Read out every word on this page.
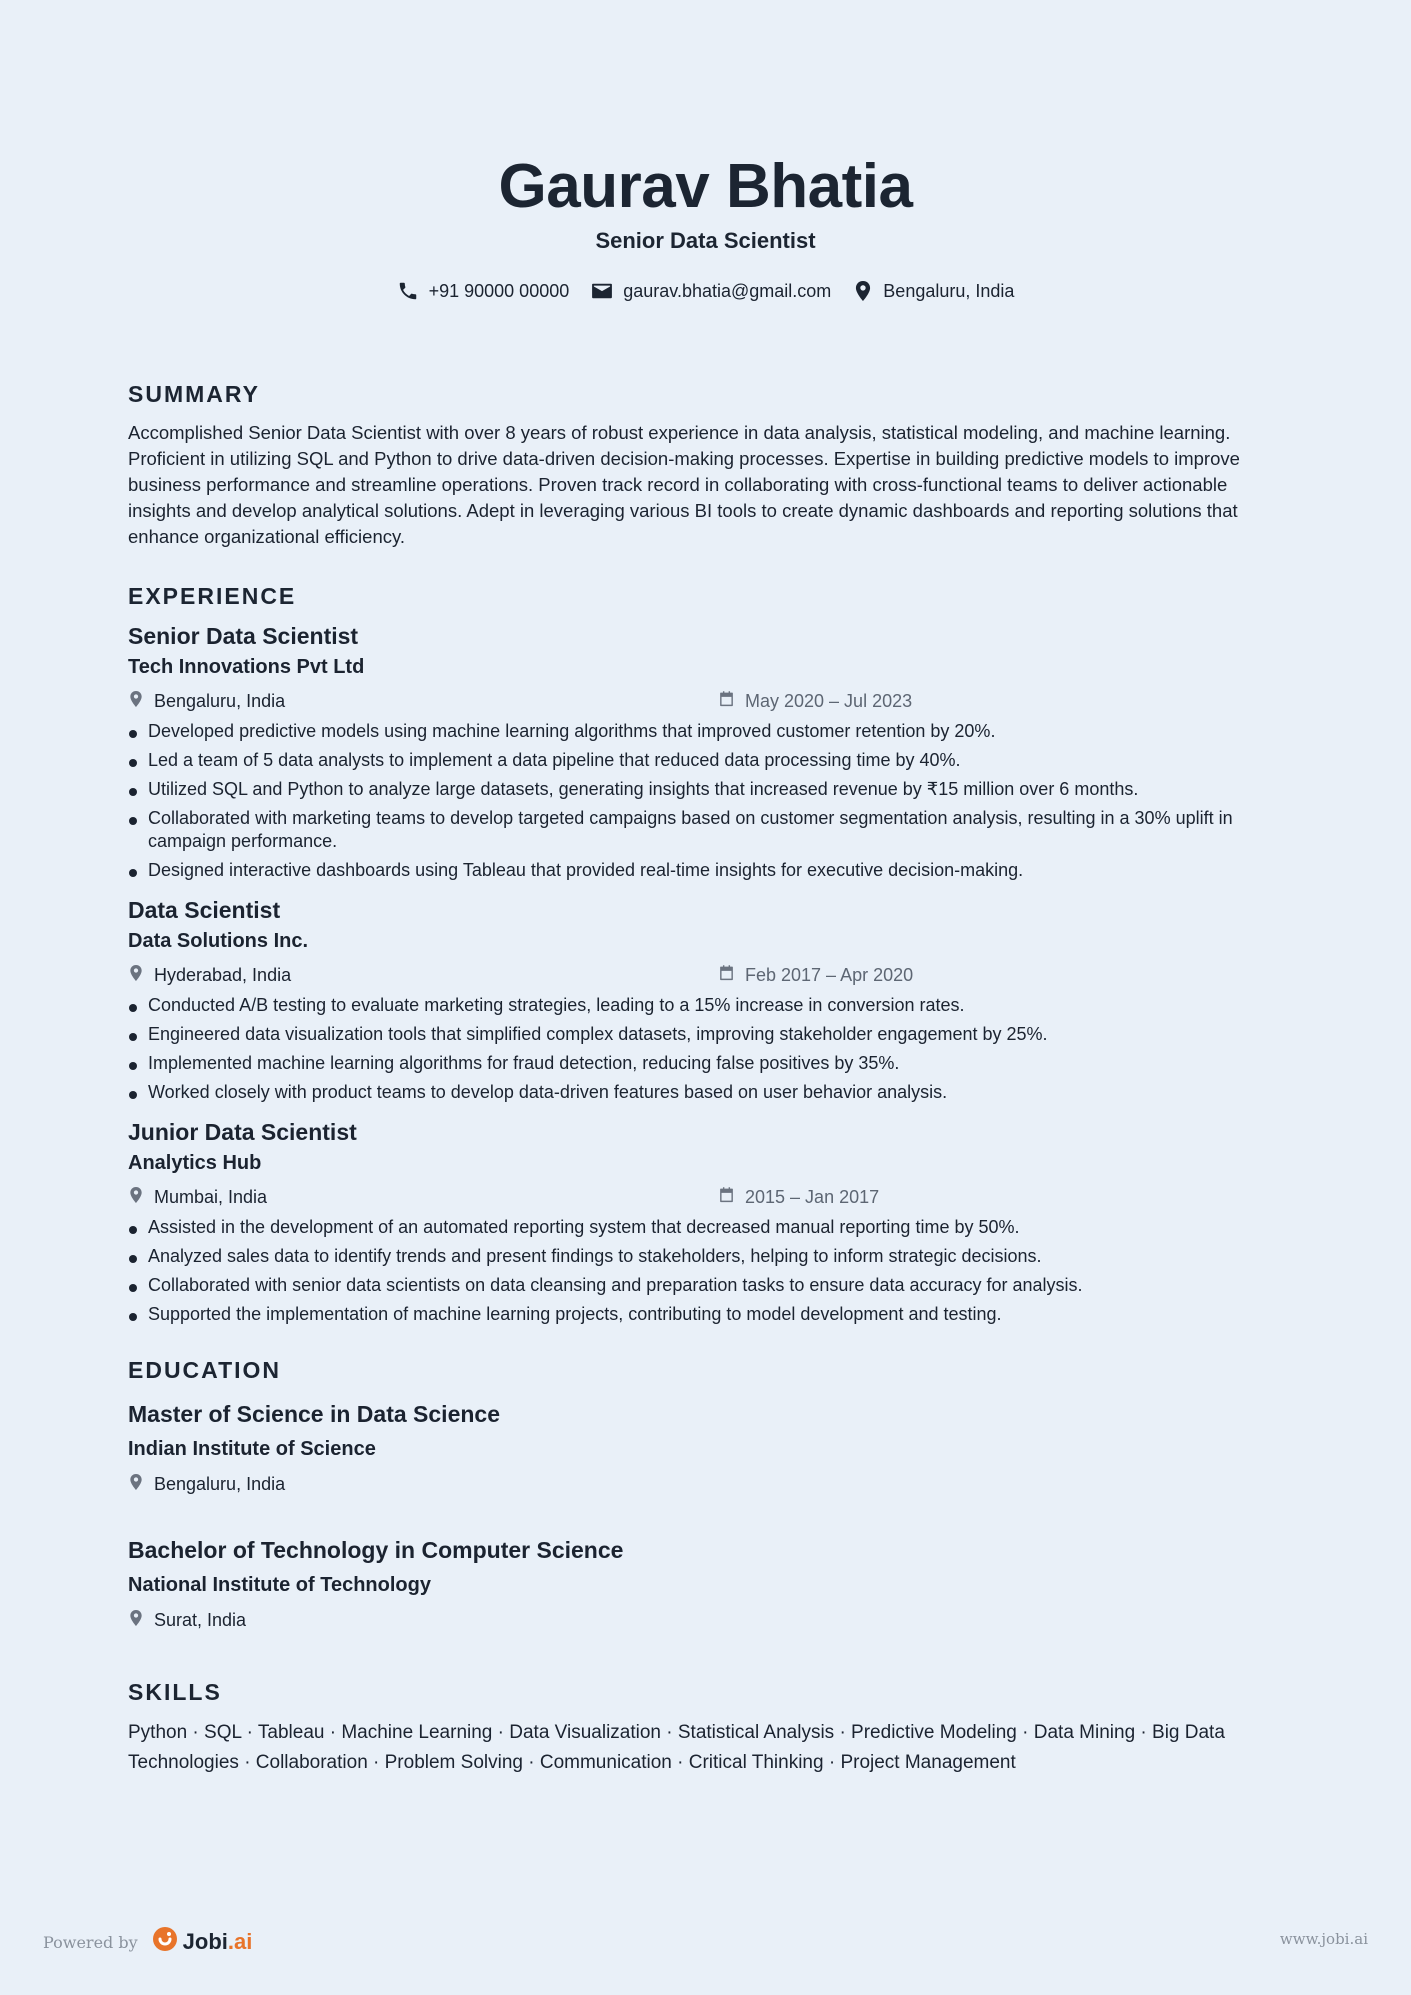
Gaurav Bhatia
Senior Data Scientist
+91 90000 00000	gaurav.bhatia@gmail.com	Bengaluru, India
SUMMARY
Accomplished Senior Data Scientist with over 8 years of robust experience in data analysis, statistical modeling, and machine learning. Proficient in utilizing SQL and Python to drive data-driven decision-making processes. Expertise in building predictive models to improve business performance and streamline operations. Proven track record in collaborating with cross-functional teams to deliver actionable insights and develop analytical solutions. Adept in leveraging various BI tools to create dynamic dashboards and reporting solutions that enhance organizational efficiency.
EXPERIENCE
Senior Data Scientist
Tech Innovations Pvt Ltd
Bengaluru, India	May 2020 – Jul 2023
Developed predictive models using machine learning algorithms that improved customer retention by 20%.
Led a team of 5 data analysts to implement a data pipeline that reduced data processing time by 40%.
Utilized SQL and Python to analyze large datasets, generating insights that increased revenue by ₹15 million over 6 months.
Collaborated with marketing teams to develop targeted campaigns based on customer segmentation analysis, resulting in a 30% uplift in campaign performance.
Designed interactive dashboards using Tableau that provided real-time insights for executive decision-making.
Data Scientist
Data Solutions Inc.
Hyderabad, India	Feb 2017 – Apr 2020
Conducted A/B testing to evaluate marketing strategies, leading to a 15% increase in conversion rates.
Engineered data visualization tools that simplified complex datasets, improving stakeholder engagement by 25%.
Implemented machine learning algorithms for fraud detection, reducing false positives by 35%.
Worked closely with product teams to develop data-driven features based on user behavior analysis.
Junior Data Scientist
Analytics Hub
Mumbai, India	2015 – Jan 2017
Assisted in the development of an automated reporting system that decreased manual reporting time by 50%.
Analyzed sales data to identify trends and present findings to stakeholders, helping to inform strategic decisions.
Collaborated with senior data scientists on data cleansing and preparation tasks to ensure data accuracy for analysis.
Supported the implementation of machine learning projects, contributing to model development and testing.
EDUCATION
Master of Science in Data Science
Indian Institute of Science
Bengaluru, India
Bachelor of Technology in Computer Science
National Institute of Technology
Surat, India
SKILLS
Python · SQL · Tableau · Machine Learning · Data Visualization · Statistical Analysis · Predictive Modeling · Data Mining · Big Data Technologies · Collaboration · Problem Solving · Communication · Critical Thinking · Project Management
Powered by Jobi.ai	www.jobi.ai
